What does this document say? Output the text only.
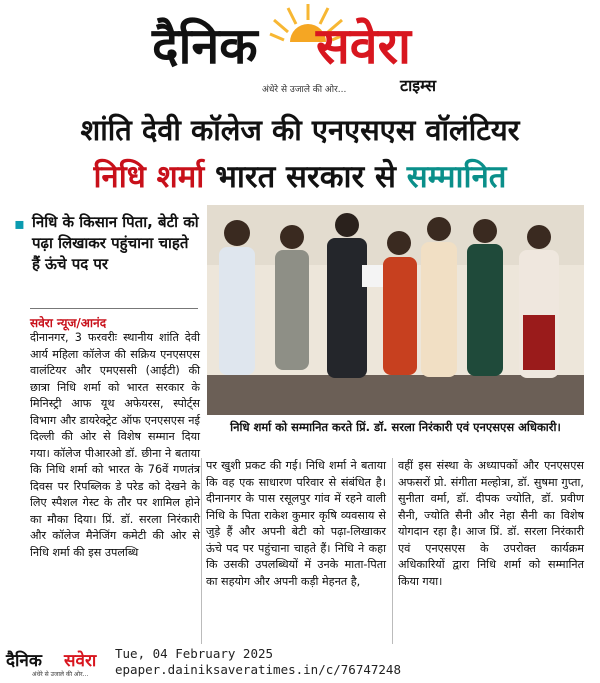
दैनिक सवेरा
अंधेरे से उजाले की ओर...	टाइम्स
शांति देवी कॉलेज की एनएसएस वॉलंटियर
निधि शर्मा भारत सरकार से सम्मानित
▪ निधि के किसान पिता, बेटी को पढ़ा लिखाकर पहुंचाना चाहते हैं ऊंचे पद पर
सवेरा न्यूज/आनंद
निधि शर्मा को सम्मानित करते प्रिं. डॉ. सरला निरंकारी एवं एनएसएस अधिकारी।
दीनानगर, 3 फरवरीः स्थानीय शांति देवी आर्य महिला कॉलेज की सक्रिय एनएसएस वालंटियर और एमएससी (आईटी) की छात्रा निधि शर्मा को भारत सरकार के मिनिस्ट्री आफ यूथ अफेयरस, स्पोर्ट्स विभाग और डायरेक्ट्रेट ऑफ एनएसएस नई दिल्ली की ओर से विशेष सम्मान दिया गया। कॉलेज पीआरओ डॉ. छीना ने बताया कि निधि शर्मा को भारत के 76वें गणतंत्र दिवस पर रिपब्लिक डे परेड को देखने के लिए स्पैशल गेस्ट के तौर पर शामिल होने का मौका दिया। प्रिं. डॉ. सरला निरंकारी और कॉलेज मैनेजिंग कमेटी की ओर से निधि शर्मा की इस उपलब्धि
पर खुशी प्रकट की गई। निधि शर्मा ने बताया कि वह एक साधारण परिवार से संबंधित है। दीनानगर के पास रसूलपुर गांव में रहने वाली निधि के पिता राकेश कुमार कृषि व्यवसाय से जुड़े हैं और अपनी बेटी को पढ़ा-लिखाकर ऊंचे पद पर पहुंचाना चाहते हैं। निधि ने कहा कि उसकी उपलब्धियों में उनके माता-पिता का सहयोग और अपनी कड़ी मेहनत है,
वहीं इस संस्था के अध्यापकों और एनएसएस अफसरों प्रो. संगीता मल्होत्रा, डॉ. सुषमा गुप्ता, सुनीता वर्मा, डॉ. दीपक ज्योति, डॉ. प्रवीण सैनी, ज्योति सैनी और नेहा सैनी का विशेष योगदान रहा है। आज प्रिं. डॉ. सरला निरंकारी एवं एनएसएस के उपरोक्त कार्यक्रम अधिकारियों द्वारा निधि शर्मा को सम्मानित किया गया।
दैनिक सवेरा
अंधेरे से उजाले की ओर...
Tue, 04 February 2025
epaper.dainiksaveratimes.in/c/76747248
